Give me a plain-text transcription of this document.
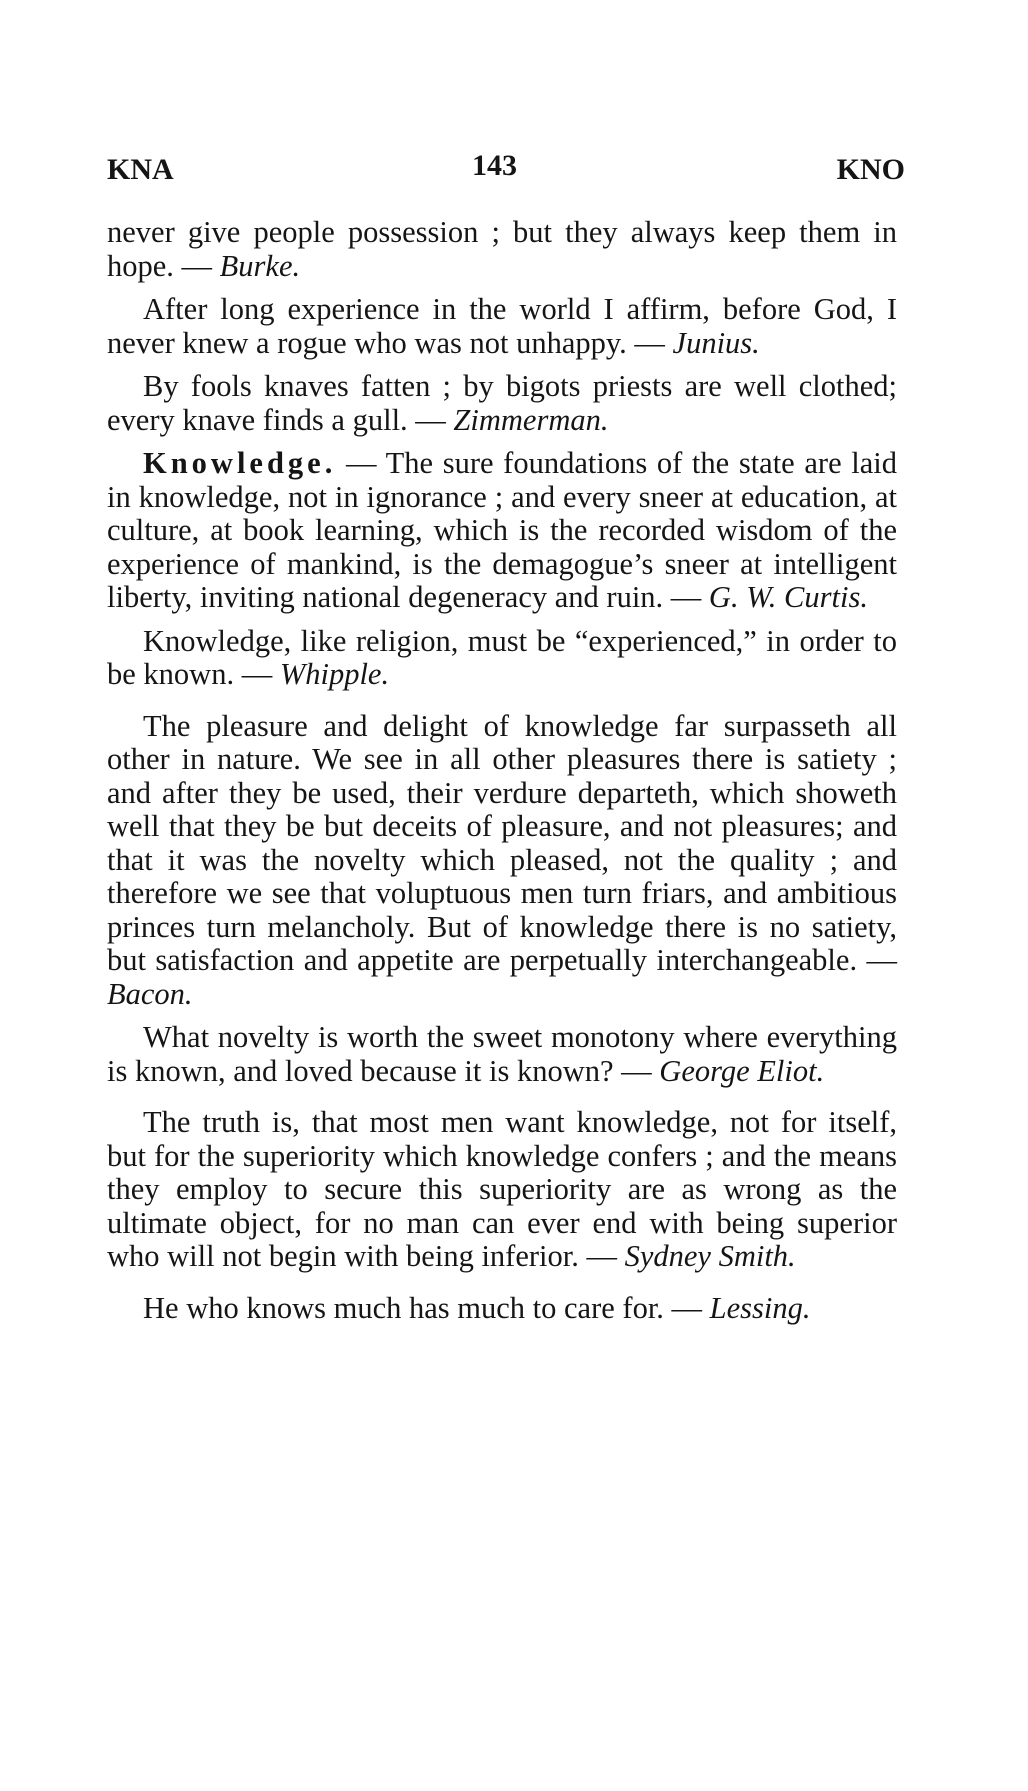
KNA	143	KNO

never give people possession ; but they always keep them in hope. — Burke.

After long experience in the world I affirm, before God, I never knew a rogue who was not unhappy. — Junius.

By fools knaves fatten ; by bigots priests are well clothed; every knave finds a gull. — Zimmerman.

Knowledge. — The sure foundations of the state are laid in knowledge, not in ignorance ; and every sneer at education, at culture, at book learning, which is the recorded wisdom of the experience of mankind, is the demagogue’s sneer at intelligent liberty, inviting national degeneracy and ruin. — G. W. Curtis.

Knowledge, like religion, must be “experienced,” in order to be known. — Whipple.

The pleasure and delight of knowledge far surpasseth all other in nature. We see in all other pleasures there is satiety ; and after they be used, their verdure departeth, which showeth well that they be but deceits of pleasure, and not pleasures; and that it was the novelty which pleased, not the quality ; and therefore we see that voluptuous men turn friars, and ambitious princes turn melancholy. But of knowledge there is no satiety, but satisfaction and appetite are perpetually interchangeable. — Bacon.

What novelty is worth the sweet monotony where everything is known, and loved because it is known? — George Eliot.

The truth is, that most men want knowledge, not for itself, but for the superiority which knowledge confers ; and the means they employ to secure this superiority are as wrong as the ultimate object, for no man can ever end with being superior who will not begin with being inferior. — Sydney Smith.

He who knows much has much to care for. — Lessing.
